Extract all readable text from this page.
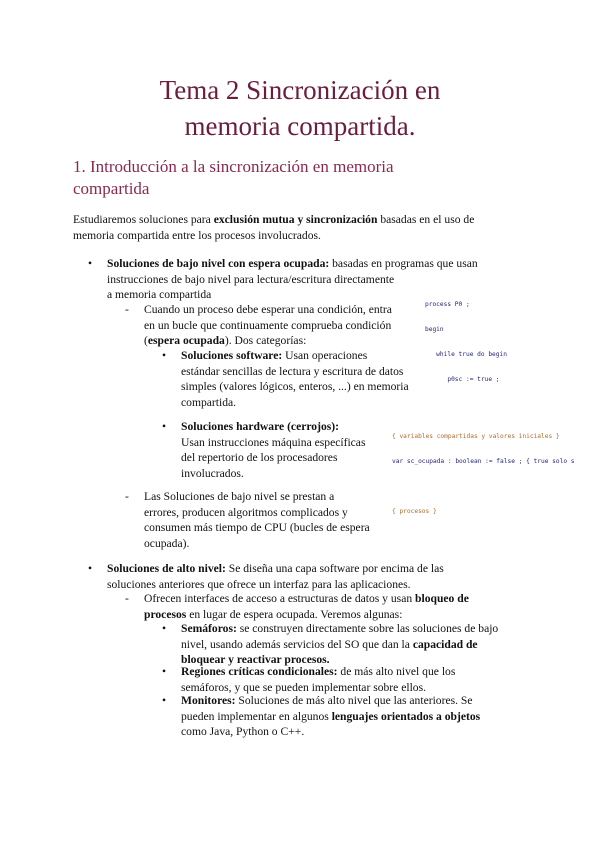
Tema 2 Sincronización en
memoria compartida.
1. Introducción a la sincronización en memoria
compartida
Estudiaremos soluciones para exclusión mutua y sincronización basadas en el uso de
memoria compartida entre los procesos involucrados.
• Soluciones de bajo nivel con espera ocupada: basadas en programas que usan
instrucciones de bajo nivel para lectura/escritura directamente
a memoria compartida
- Cuando un proceso debe esperar una condición, entra
en un bucle que continuamente comprueba condición
(espera ocupada). Dos categorías:
• Soluciones software: Usan operaciones
estándar sencillas de lectura y escritura de datos
simples (valores lógicos, enteros, ...) en memoria
compartida.
• Soluciones hardware (cerrojos):
Usan instrucciones máquina específicas
del repertorio de los procesadores
involucrados.
- Las Soluciones de bajo nivel se prestan a
errores, producen algoritmos complicados y
consumen más tiempo de CPU (bucles de espera
ocupada).

process P0 ;

begin

while true do begin

p0sc := true ;

{ variables compartidas y valores iniciales }

var sc_ocupada : boolean := false ; { true solo s

{ procesos }

• Soluciones de alto nivel: Se diseña una capa software por encima de las
soluciones anteriores que ofrece un interfaz para las aplicaciones.
- Ofrecen interfaces de acceso a estructuras de datos y usan bloqueo de
procesos en lugar de espera ocupada. Veremos algunas:
• Semáforos: se construyen directamente sobre las soluciones de bajo
nivel, usando además servicios del SO que dan la capacidad de
bloquear y reactivar procesos.
• Regiones críticas condicionales: de más alto nivel que los
semáforos, y que se pueden implementar sobre ellos.
• Monitores: Soluciones de más alto nivel que las anteriores. Se
pueden implementar en algunos lenguajes orientados a objetos
como Java, Python o C++.
